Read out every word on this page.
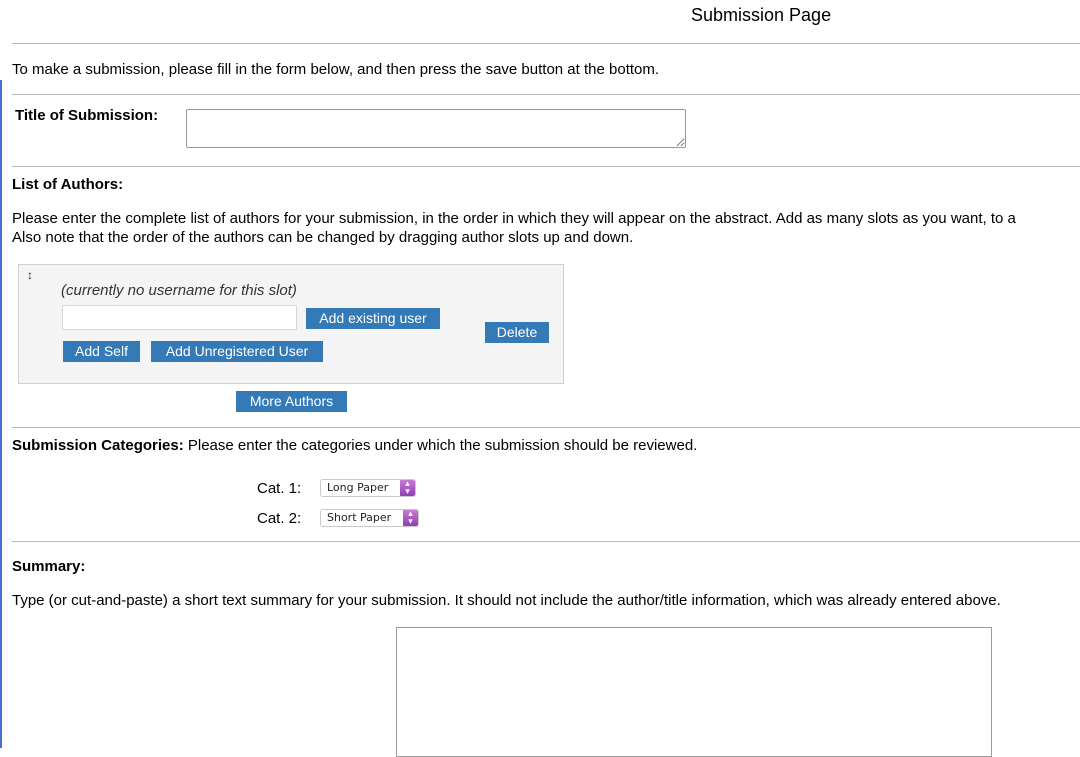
Submission Page
To make a submission, please fill in the form below, and then press the save button at the bottom.
Title of Submission:
List of Authors:
Please enter the complete list of authors for your submission, in the order in which they will appear on the abstract. Add as many slots as you want, to a
Also note that the order of the authors can be changed by dragging author slots up and down.
↕
(currently no username for this slot)
Add existing user
Delete
Add Self	Add Unregistered User
More Authors
Submission Categories: Please enter the categories under which the submission should be reviewed.
Cat. 1:	Long Paper	▴
▾
Cat. 2:	Short Paper	▴
▾
Summary:
Type (or cut-and-paste) a short text summary for your submission. It should not include the author/title information, which was already entered above.
